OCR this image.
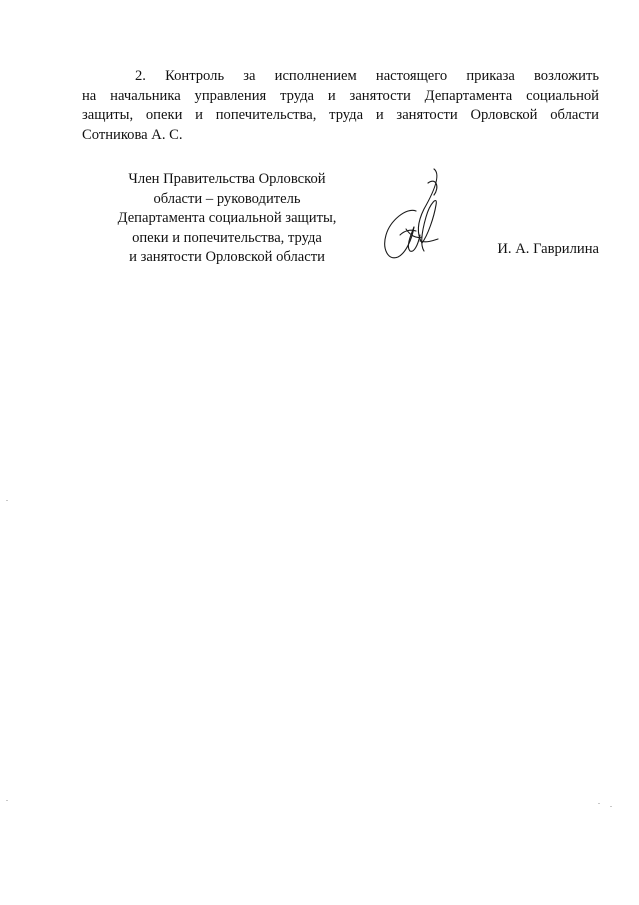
2. Контроль за исполнением настоящего приказа возложить
на начальника управления труда и занятости Департамента социальной
защиты, опеки и попечительства, труда и занятости Орловской области
Сотникова А. С.
Член Правительства Орловской
области – руководитель
Департамента социальной защиты,
опеки и попечительства, труда
и занятости Орловской области	И. А. Гаврилина
